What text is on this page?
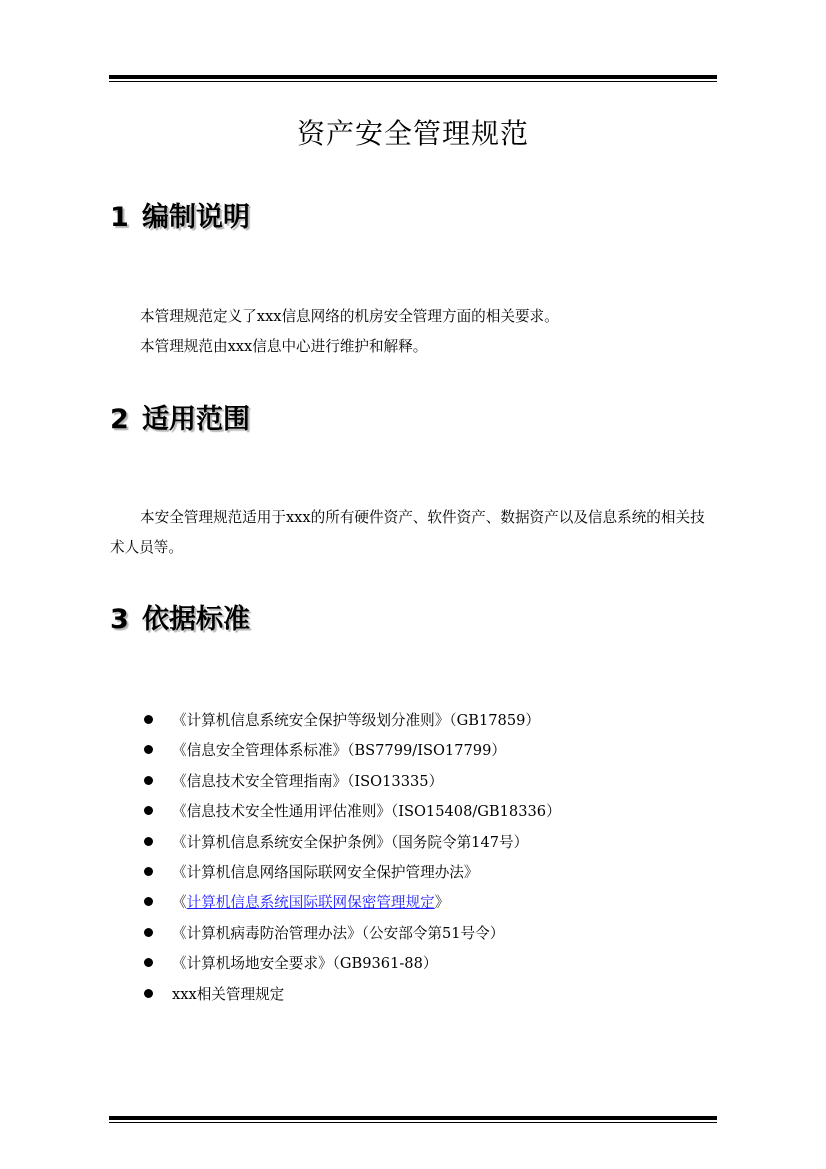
资产安全管理规范
1 编制说明

本管理规范定义了xxx信息网络的机房安全管理方面的相关要求。

本管理规范由xxx信息中心进行维护和解释。

2 适用范围

本安全管理规范适用于xxx的所有硬件资产、软件资产、数据资产以及信息系统的相关技术人员等。

3 依据标准
《计算机信息系统安全保护等级划分准则》（GB17859）
《信息安全管理体系标准》（BS7799/ISO17799）
《信息技术安全管理指南》（ISO13335）
《信息技术安全性通用评估准则》（ISO15408/GB18336）
《计算机信息系统安全保护条例》（国务院令第147号）
《计算机信息网络国际联网安全保护管理办法》
《计算机信息系统国际联网保密管理规定》
《计算机病毒防治管理办法》（公安部令第51号令）
《计算机场地安全要求》（GB9361-88）
xxx相关管理规定
